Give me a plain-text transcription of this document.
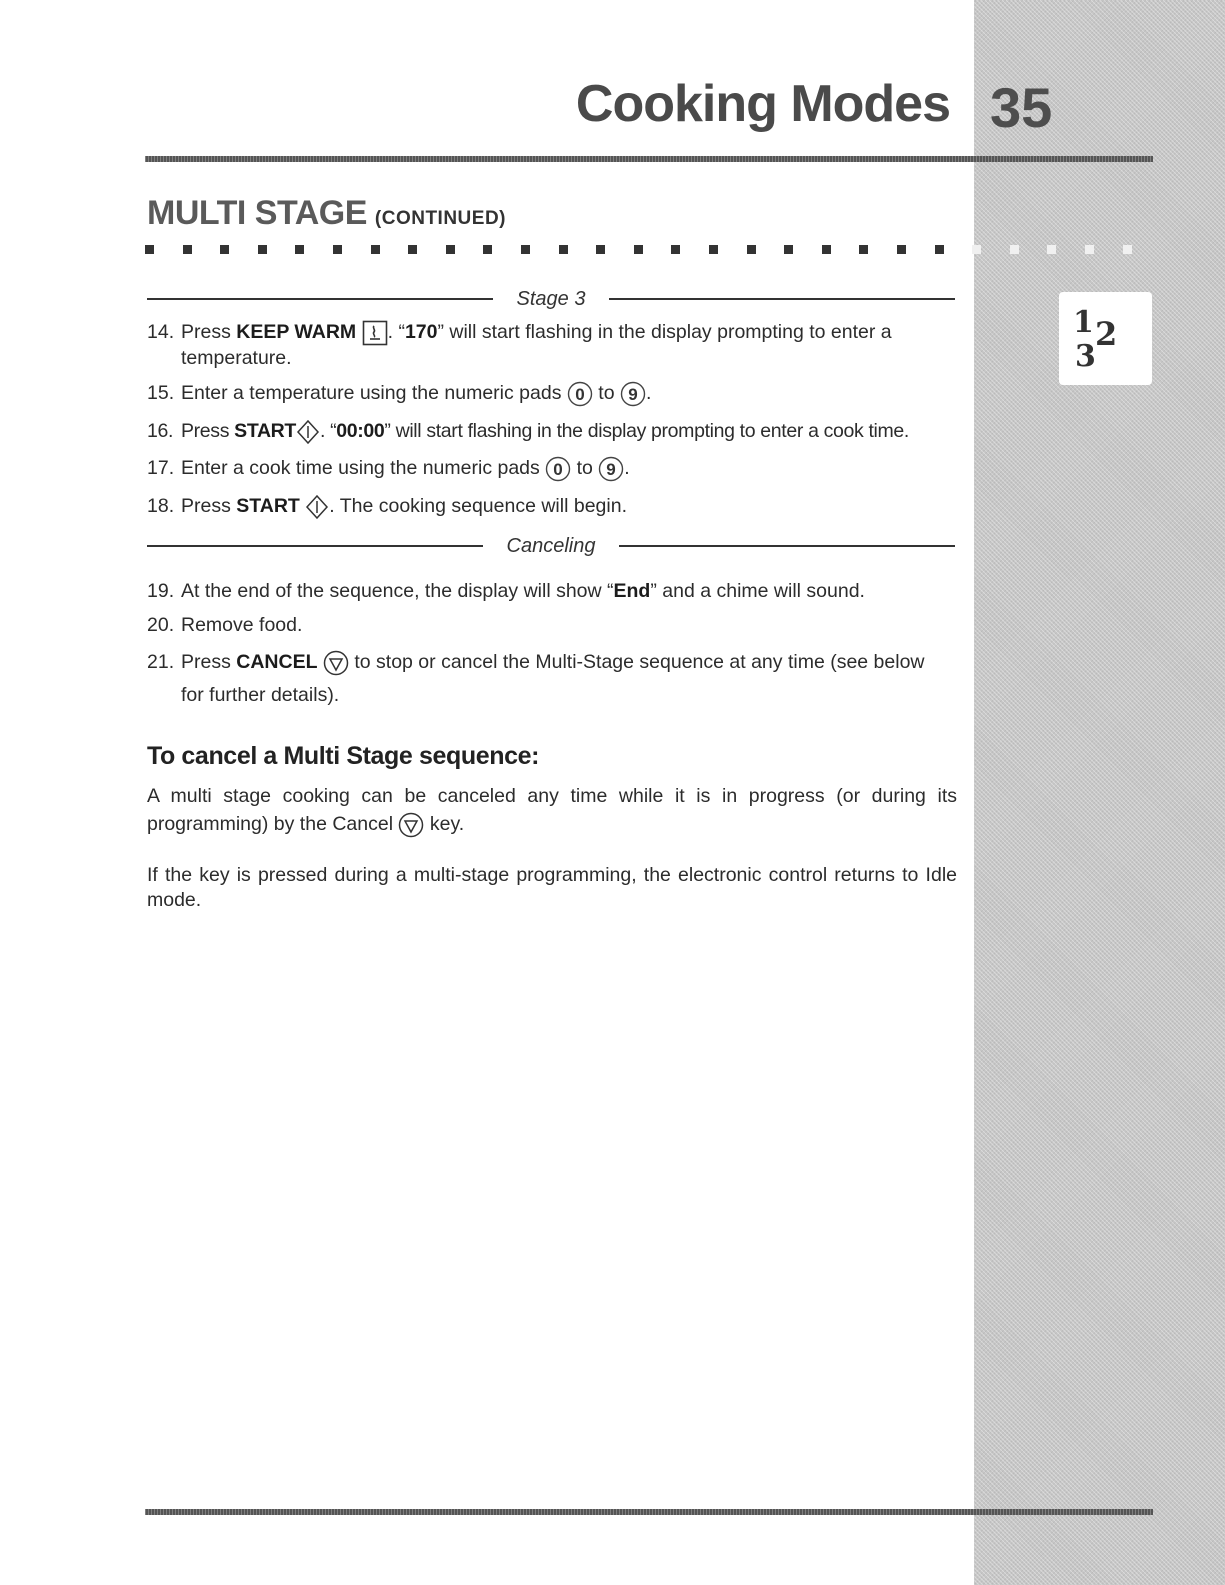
Cooking Modes 35
MULTI STAGE (CONTINUED)
1 2
3
Stage 3
14. Press KEEP WARM . “170” will start flashing in the display prompting to enter a
temperature.
15. Enter a temperature using the numeric pads 0 to 9 .
16. Press START . “00:00” will start flashing in the display prompting to enter a cook time.
17. Enter a cook time using the numeric pads 0 to 9 .
18. Press START . The cooking sequence will begin.
Canceling
19. At the end of the sequence, the display will show “End” and a chime will sound.
20. Remove food.
21. Press CANCEL
to stop or cancel the Multi-Stage sequence at any time (see below
for further details).
To cancel a Multi Stage sequence:

A multi stage cooking can be canceled any time while it is in progress (or during its programming) by the Cancel
key.

If the key is pressed during a multi-stage programming, the electronic control returns to Idle mode.
